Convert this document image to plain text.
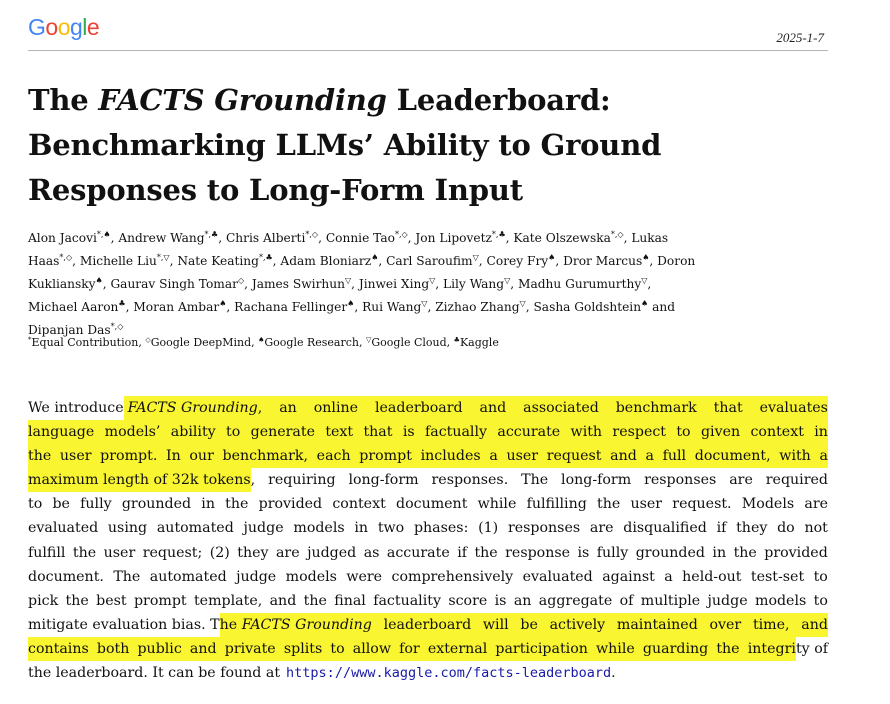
Google	2025-1-7
The FACTS Grounding Leaderboard:
Benchmarking LLMs’ Ability to Ground
Responses to Long-Form Input
Alon Jacovi*,♠, Andrew Wang*,♣, Chris Alberti*,◇, Connie Tao*,◇, Jon Lipovetz*,♣, Kate Olszewska*,◇, Lukas
Haas*,◇, Michelle Liu*,▽, Nate Keating*,♣, Adam Bloniarz♠, Carl Saroufim▽, Corey Fry♠, Dror Marcus♠, Doron
Kukliansky♠, Gaurav Singh Tomar◇, James Swirhun▽, Jinwei Xing▽, Lily Wang▽, Madhu Gurumurthy▽,
Michael Aaron♣, Moran Ambar♠, Rachana Fellinger♠, Rui Wang▽, Zizhao Zhang▽, Sasha Goldshtein♠ and
Dipanjan Das*,◇
*Equal Contribution, ◇Google DeepMind, ♠Google Research, ▽Google Cloud, ♣Kaggle
We introduce FACTS Grounding , an online leaderboard and associated benchmark that evaluates
language models’ ability to generate text that is factually accurate with respect to given context in
the user prompt. In our benchmark, each prompt includes a user request and a full document, with a
maximum length of 32k tokens , requiring long-form responses. The long-form responses are required
to be fully grounded in the provided context document while fulfilling the user request. Models are
evaluated using automated judge models in two phases: (1) responses are disqualified if they do not
fulfill the user request; (2) they are judged as accurate if the response is fully grounded in the provided
document. The automated judge models were comprehensively evaluated against a held-out test-set to
pick the best prompt template, and the final factuality score is an aggregate of multiple judge models to
mitigate evaluation bias. T he FACTS Grounding leaderboard will be actively maintained over time, and
contains both public and private splits to allow for external participation while guarding the integri ty of
the leaderboard. It can be found at https://www.kaggle.com/facts-leaderboard .
